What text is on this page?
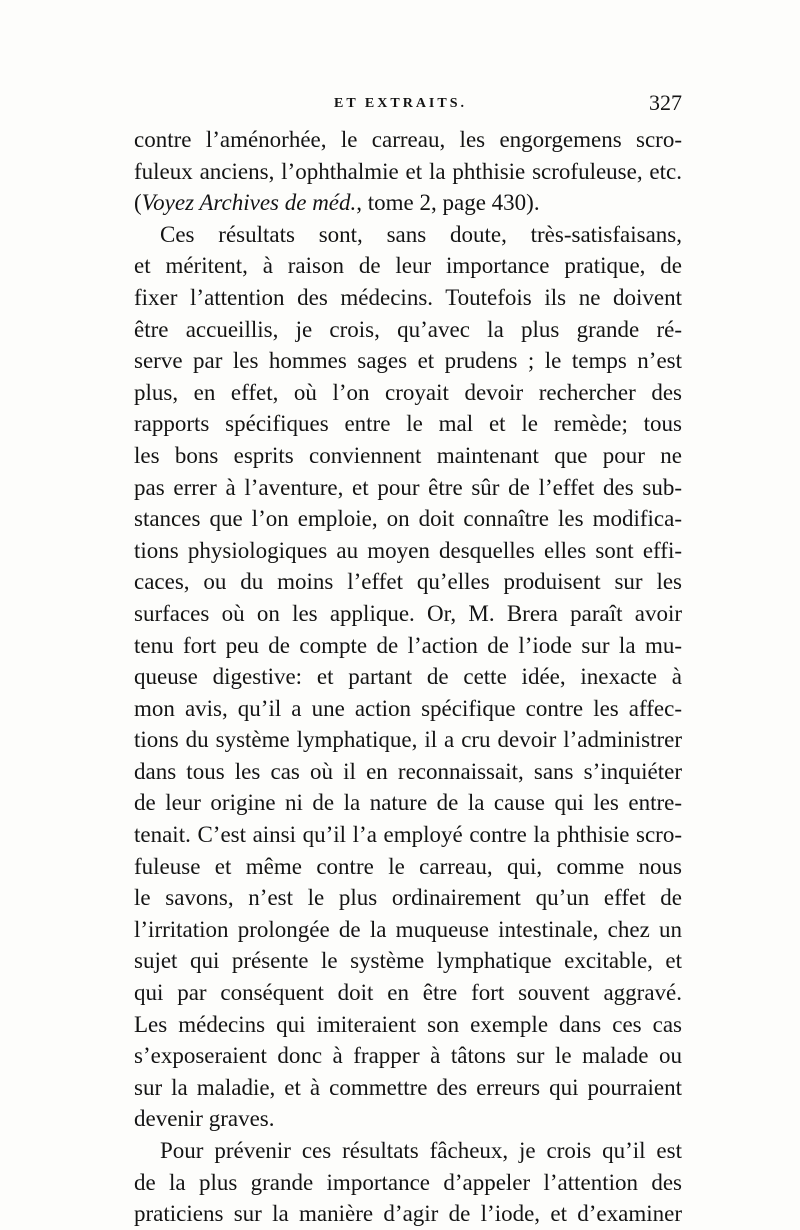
ET EXTRAITS.	327
contre l’aménorhée, le carreau, les engorgemens scro-
fuleux anciens, l’ophthalmie et la phthisie scrofuleuse, etc.
(Voyez Archives de méd., tome 2, page 430).
Ces résultats sont, sans doute, très-satisfaisans,
et méritent, à raison de leur importance pratique, de
fixer l’attention des médecins. Toutefois ils ne doivent
être accueillis, je crois, qu’avec la plus grande ré-
serve par les hommes sages et prudens ; le temps n’est
plus, en effet, où l’on croyait devoir rechercher des
rapports spécifiques entre le mal et le remède; tous
les bons esprits conviennent maintenant que pour ne
pas errer à l’aventure, et pour être sûr de l’effet des sub-
stances que l’on emploie, on doit connaître les modifica-
tions physiologiques au moyen desquelles elles sont effi-
caces, ou du moins l’effet qu’elles produisent sur les
surfaces où on les applique. Or, M. Brera paraît avoir
tenu fort peu de compte de l’action de l’iode sur la mu-
queuse digestive: et partant de cette idée, inexacte à
mon avis, qu’il a une action spécifique contre les affec-
tions du système lymphatique, il a cru devoir l’administrer
dans tous les cas où il en reconnaissait, sans s’inquiéter
de leur origine ni de la nature de la cause qui les entre-
tenait. C’est ainsi qu’il l’a employé contre la phthisie scro-
fuleuse et même contre le carreau, qui, comme nous
le savons, n’est le plus ordinairement qu’un effet de
l’irritation prolongée de la muqueuse intestinale, chez un
sujet qui présente le système lymphatique excitable, et
qui par conséquent doit en être fort souvent aggravé.
Les médecins qui imiteraient son exemple dans ces cas
s’exposeraient donc à frapper à tâtons sur le malade ou
sur la maladie, et à commettre des erreurs qui pourraient
devenir graves.
Pour prévenir ces résultats fâcheux, je crois qu’il est
de la plus grande importance d’appeler l’attention des
praticiens sur la manière d’agir de l’iode, et d’examiner
